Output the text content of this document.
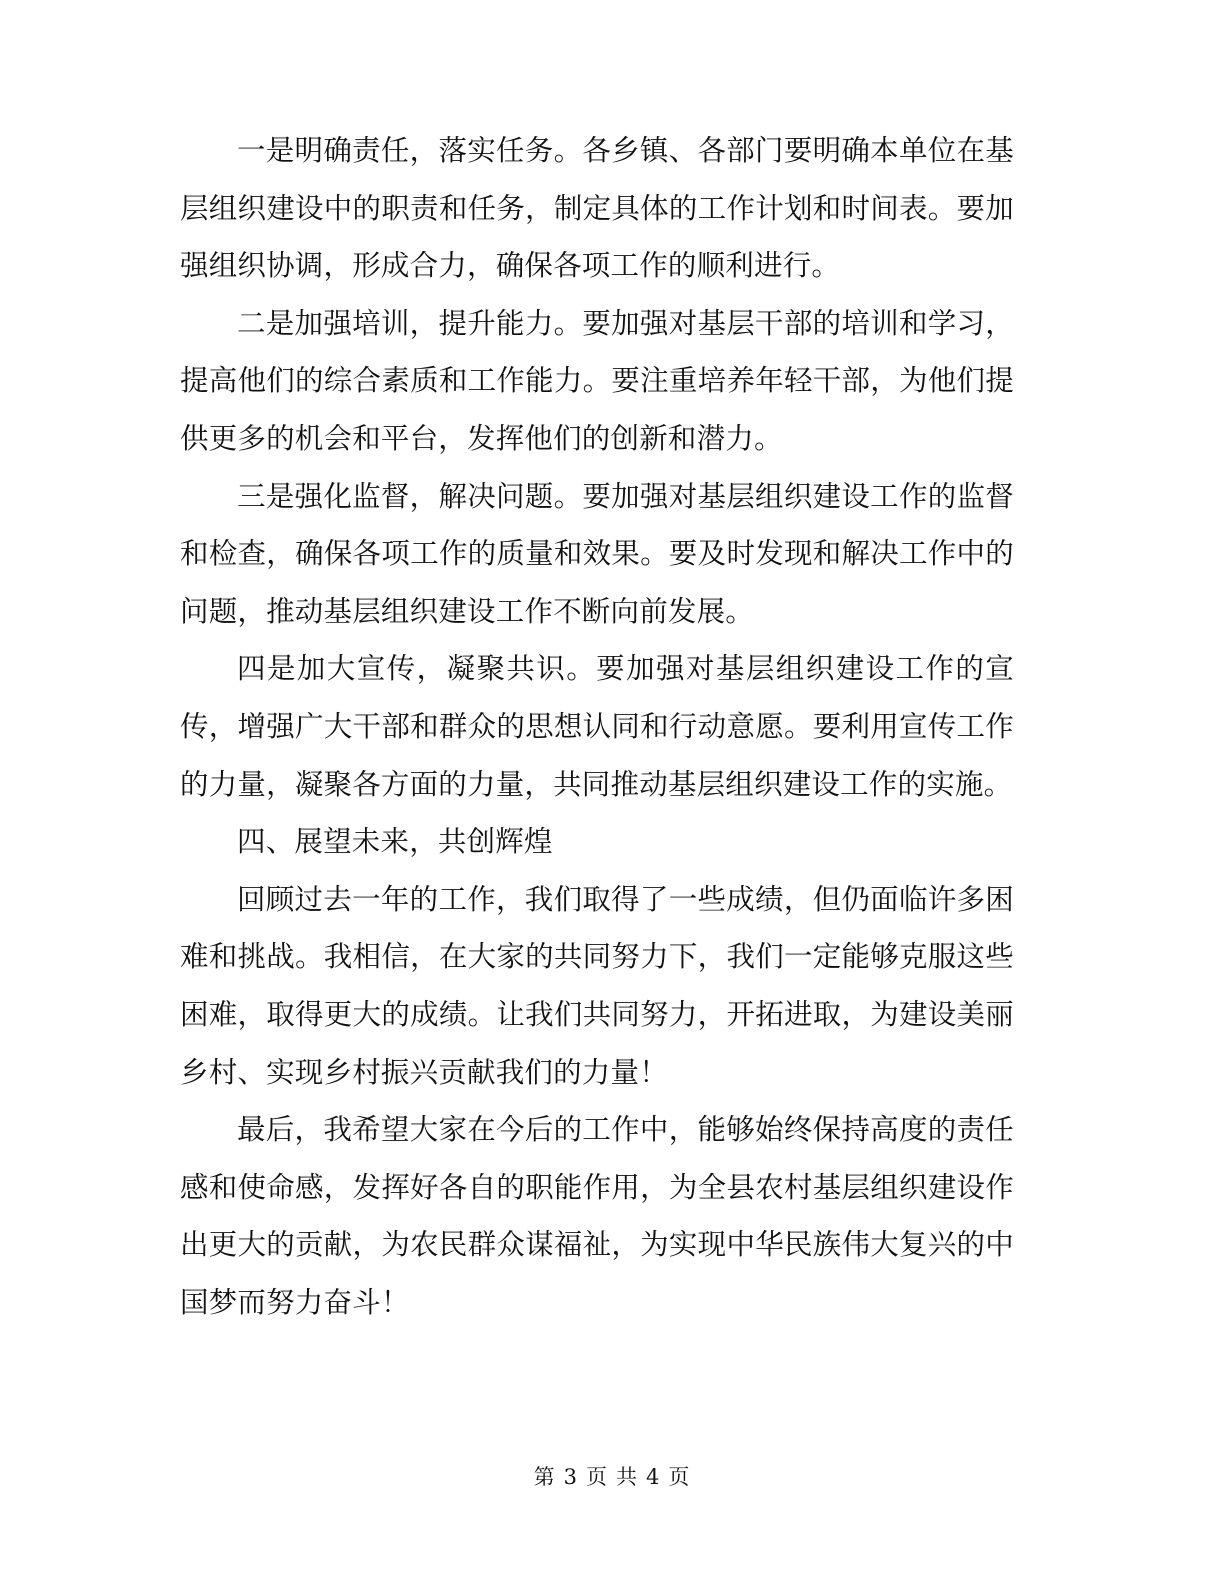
一是明确责任，落实任务。各乡镇、各部门要明确本单位在基层组织建设中的职责和任务，制定具体的工作计划和时间表。要加强组织协调，形成合力，确保各项工作的顺利进行。

二是加强培训，提升能力。要加强对基层干部的培训和学习，提高他们的综合素质和工作能力。要注重培养年轻干部，为他们提供更多的机会和平台，发挥他们的创新和潜力。

三是强化监督，解决问题。要加强对基层组织建设工作的监督和检查，确保各项工作的质量和效果。要及时发现和解决工作中的问题，推动基层组织建设工作不断向前发展。

四是加大宣传，凝聚共识。要加强对基层组织建设工作的宣传，增强广大干部和群众的思想认同和行动意愿。要利用宣传工作的力量，凝聚各方面的力量，共同推动基层组织建设工作的实施。

四、展望未来，共创辉煌

回顾过去一年的工作，我们取得了一些成绩，但仍面临许多困难和挑战。我相信，在大家的共同努力下，我们一定能够克服这些困难，取得更大的成绩。让我们共同努力，开拓进取，为建设美丽乡村、实现乡村振兴贡献我们的力量！

最后，我希望大家在今后的工作中，能够始终保持高度的责任感和使命感，发挥好各自的职能作用，为全县农村基层组织建设作出更大的贡献，为农民群众谋福祉，为实现中华民族伟大复兴的中国梦而努力奋斗！

第 3 页 共 4 页
